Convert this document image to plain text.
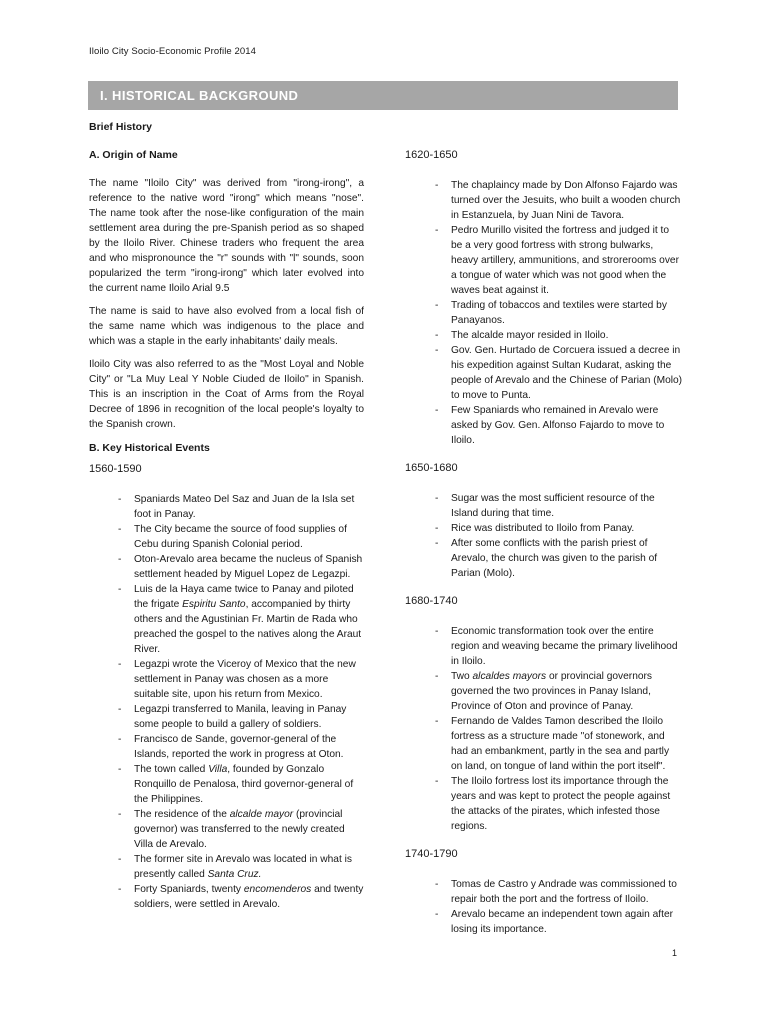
Iloilo City Socio-Economic Profile 2014
I. HISTORICAL BACKGROUND

Brief History

A. Origin of Name

The name "Iloilo City" was derived from "irong-irong", a reference to the native word "irong" which means "nose". The name took after the nose-like configuration of the main settlement area during the pre-Spanish period as so shaped by the Iloilo River. Chinese traders who frequent the area and who mispronounce the "r" sounds with "l" sounds, soon popularized the term "irong-irong" which later evolved into the current name Iloilo Arial 9.5

The name is said to have also evolved from a local fish of the same name which was indigenous to the place and which was a staple in the early inhabitants' daily meals.

Iloilo City was also referred to as the "Most Loyal and Noble City" or "La Muy Leal Y Noble Ciuded de Iloilo" in Spanish. This is an inscription in the Coat of Arms from the Royal Decree of 1896 in recognition of the local people's loyalty to the Spanish crown.

B. Key Historical Events

1560-1590

- Spaniards Mateo Del Saz and Juan de la Isla set foot in Panay.
- The City became the source of food supplies of Cebu during Spanish Colonial period.
- Oton-Arevalo area became the nucleus of Spanish settlement headed by Miguel Lopez de Legazpi.
- Luis de la Haya came twice to Panay and piloted the frigate Espiritu Santo, accompanied by thirty others and the Agustinian Fr. Martin de Rada who preached the gospel to the natives along the Araut River.
- Legazpi wrote the Viceroy of Mexico that the new settlement in Panay was chosen as a more suitable site, upon his return from Mexico.
- Legazpi transferred to Manila, leaving in Panay some people to build a gallery of soldiers.
- Francisco de Sande, governor-general of the Islands, reported the work in progress at Oton.
- The town called Villa, founded by Gonzalo Ronquillo de Penalosa, third governor-general of the Philippines.
- The residence of the alcalde mayor (provincial governor) was transferred to the newly created Villa de Arevalo.
- The former site in Arevalo was located in what is presently called Santa Cruz.
- Forty Spaniards, twenty encomenderos and twenty soldiers, were settled in Arevalo.

1620-1650

- The chaplaincy made by Don Alfonso Fajardo was turned over the Jesuits, who built a wooden church in Estanzuela, by Juan Nini de Tavora.
- Pedro Murillo visited the fortress and judged it to be a very good fortress with strong bulwarks, heavy artillery, ammunitions, and strorerooms over a tongue of water which was not good when the waves beat against it.
- Trading of tobaccos and textiles were started by Panayanos.
- The alcalde mayor resided in Iloilo.
- Gov. Gen. Hurtado de Corcuera issued a decree in his expedition against Sultan Kudarat, asking the people of Arevalo and the Chinese of Parian (Molo) to move to Punta.
- Few Spaniards who remained in Arevalo were asked by Gov. Gen. Alfonso Fajardo to move to Iloilo.

1650-1680

- Sugar was the most sufficient resource of the Island during that time.
- Rice was distributed to Iloilo from Panay.
- After some conflicts with the parish priest of Arevalo, the church was given to the parish of Parian (Molo).

1680-1740

- Economic transformation took over the entire region and weaving became the primary livelihood in Iloilo.
- Two alcaldes mayors or provincial governors governed the two provinces in Panay Island, Province of Oton and province of Panay.
- Fernando de Valdes Tamon described the Iloilo fortress as a structure made "of stonework, and had an embankment, partly in the sea and partly on land, on tongue of land within the port itself".
- The Iloilo fortress lost its importance through the years and was kept to protect the people against the attacks of the pirates, which infested those regions.

1740-1790

- Tomas de Castro y Andrade was commissioned to repair both the port and the fortress of Iloilo.
- Arevalo became an independent town again after losing its importance.
1
